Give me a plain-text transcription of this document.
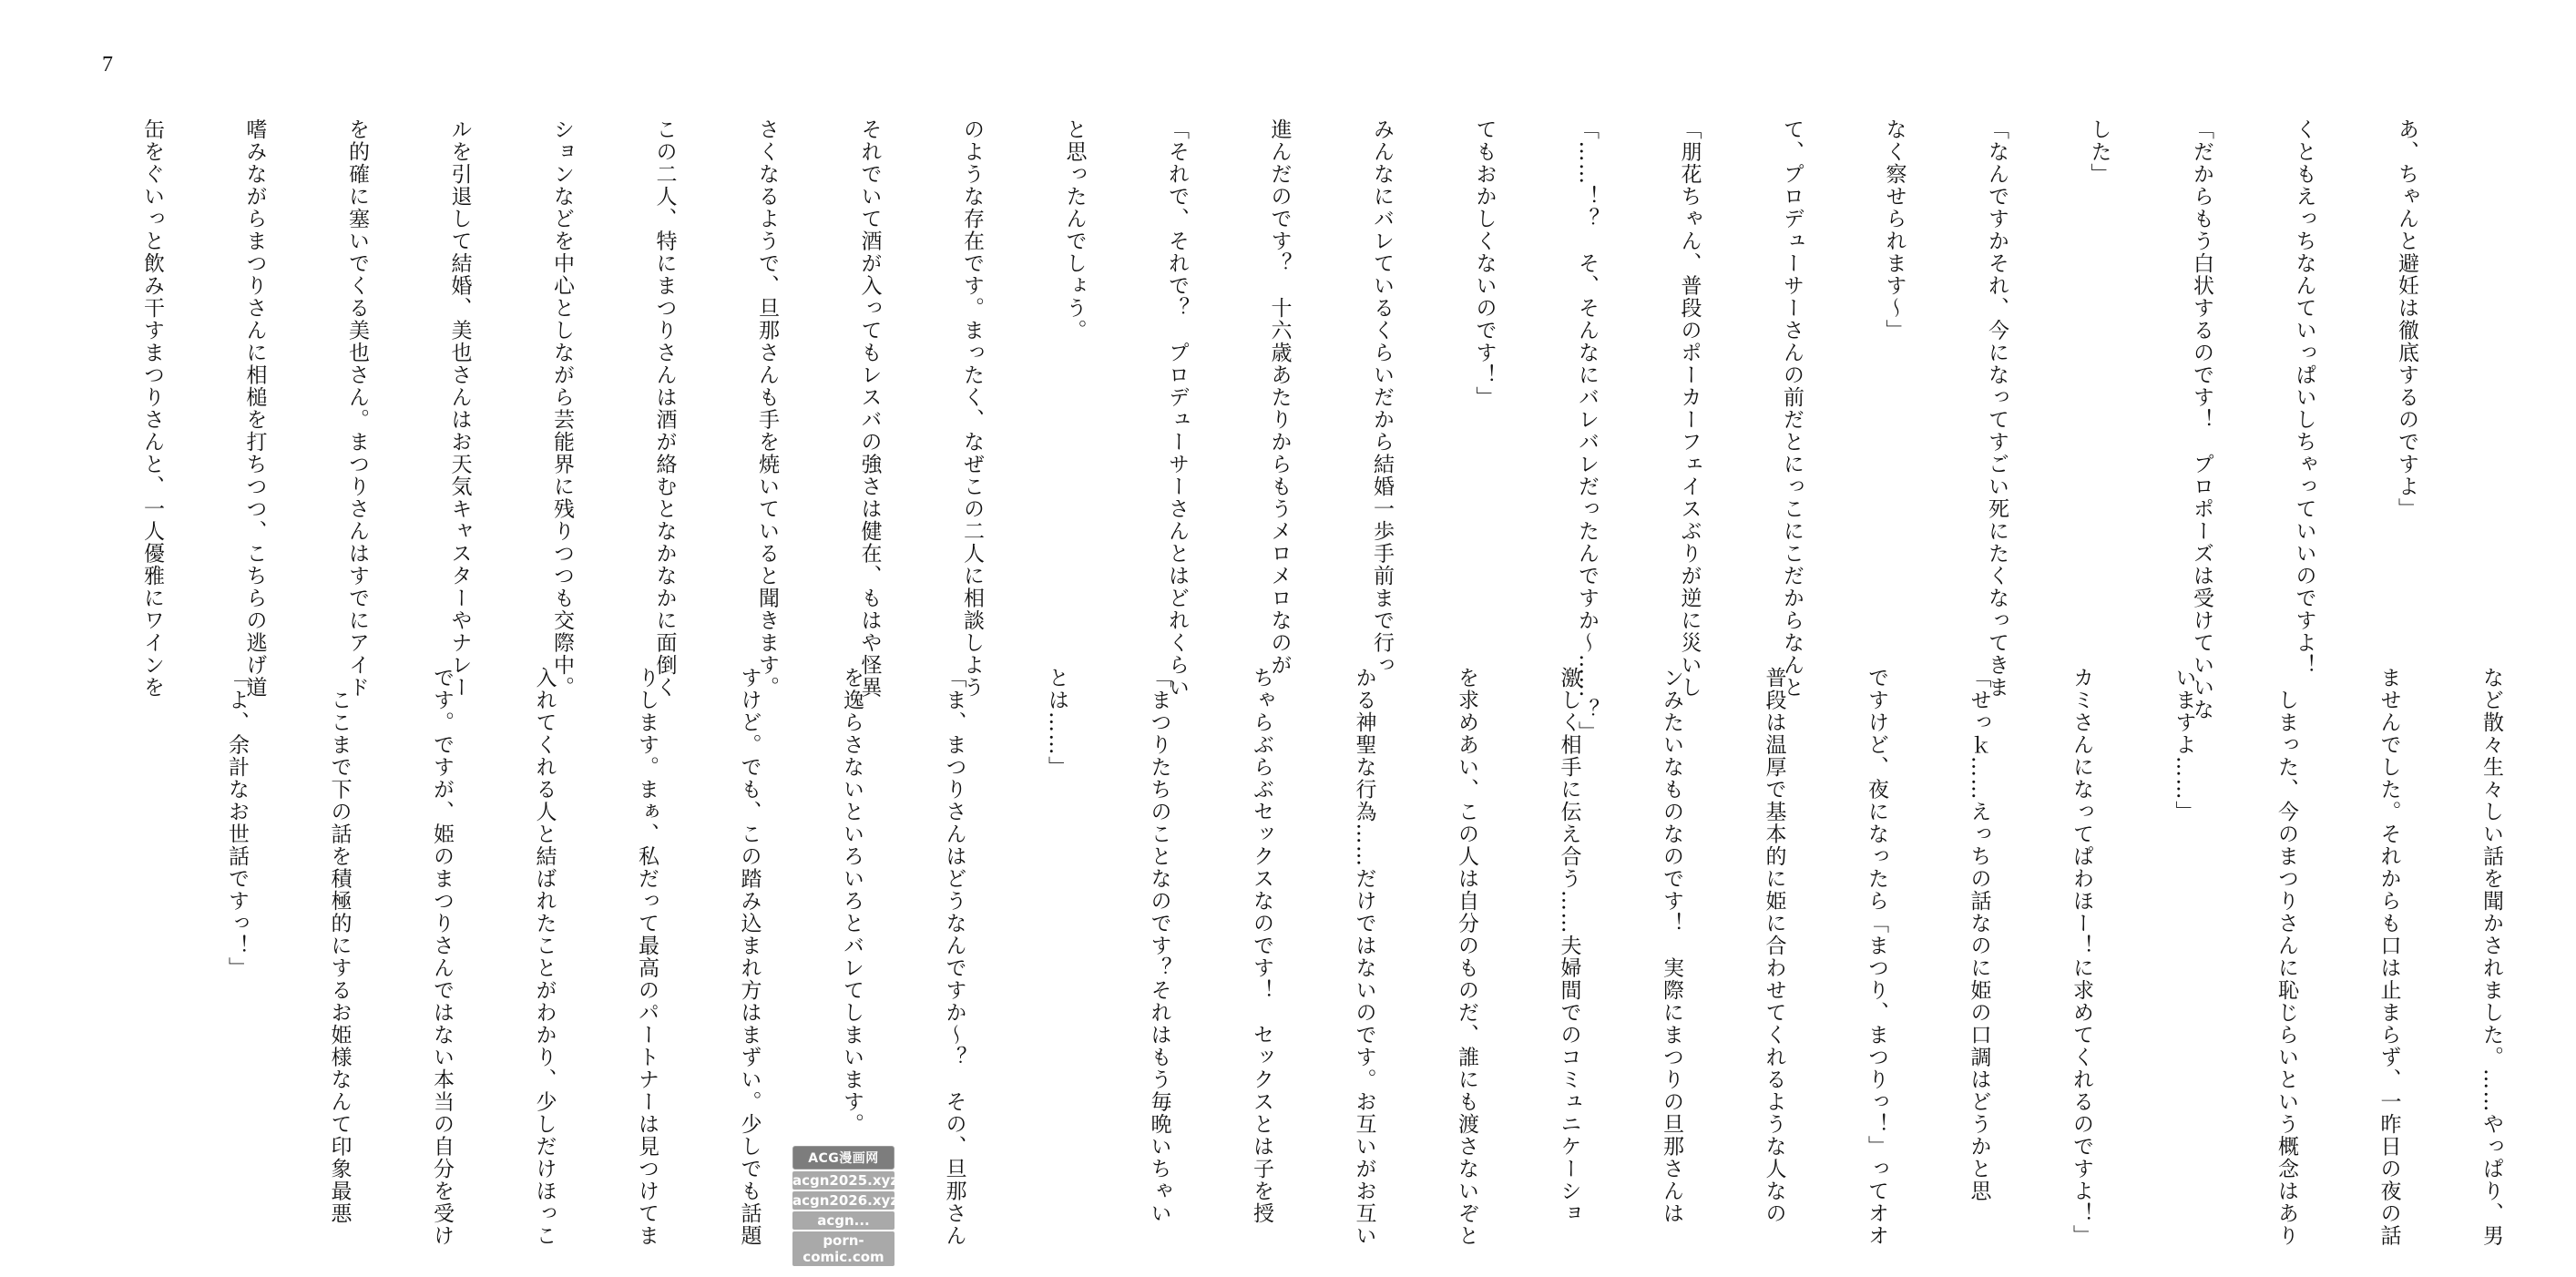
7

あ、ちゃんと避妊は徹底するのですよ」

くともえっちなんていっぱいしちゃっていいのですよ！

「だからもう白状するのです！　プロポーズは受けていいな

した」

「なんですかそれ、今になってすごい死にたくなってきま

なく察せられます〜」

て、プロデューサーさんの前だとにっこにこだからなんと

「朋花ちゃん、普段のポーカーフェイスぶりが逆に災いし

「……！？　そ、そんなにバレバレだったんですか〜……？」

てもおかしくないのです！」

みんなにバレているくらいだから結婚一歩手前まで行っ

進んだのです？　十六歳あたりからもうメロメロなのが

「それで、それで？　プロデューサーさんとはどれくらい

と思ったんでしょう。

のような存在です。まったく、なぜこの二人に相談しよう

それでいて酒が入ってもレスバの強さは健在、もはや怪異

さくなるようで、旦那さんも手を焼いていると聞きます。

この二人、特にまつりさんは酒が絡むとなかなかに面倒く

ションなどを中心としながら芸能界に残りつつも交際中。

ルを引退して結婚、美也さんはお天気キャスターやナレー

を的確に塞いでくる美也さん。まつりさんはすでにアイド

嗜みながらまつりさんに相槌を打ちつつ、こちらの逃げ道

缶をぐいっと飲み干すまつりさんと、一人優雅にワインを

など散々生々しい話を聞かされました。……やっぱり、男

ませんでした。それからも口は止まらず、一昨日の夜の話

　しまった、今のまつりさんに恥じらいという概念はあり

いますよ……」

カミさんになってぱわほー！に求めてくれるのですよ！」

「せっｋ……えっちの話なのに姫の口調はどうかと思

ですけど、夜になったら「まつり、まつりっ！」ってオオ

普段は温厚で基本的に姫に合わせてくれるような人なの

ンみたいなものなのです！　実際にまつりの旦那さんは

激しく相手に伝え合う……夫婦間でのコミュニケーショ

を求めあい、この人は自分のものだ、誰にも渡さないぞと

かる神聖な行為……だけではないのです。お互いがお互い

ちゃらぶらぶセックスなのです！　セックスとは子を授

「まつりたちのことなのです？それはもう毎晩いちゃい

とは……」

「ま、まつりさんはどうなんですか〜？　その、旦那さん

を逸らさないといろいろとバレてしまいます。

すけど。でも、この踏み込まれ方はまずい。少しでも話題

りします。まぁ、私だって最高のパートナーは見つけてま

入れてくれる人と結ばれたことがわかり、少しだけほっこ

です。ですが、姫のまつりさんではない本当の自分を受け

　ここまで下の話を積極的にするお姫様なんて印象最悪

「よ、余計なお世話ですっ！」

ACG漫画网
acgn2025.xyz
acgn2026.xyz
acgn...
porn-comic.com
